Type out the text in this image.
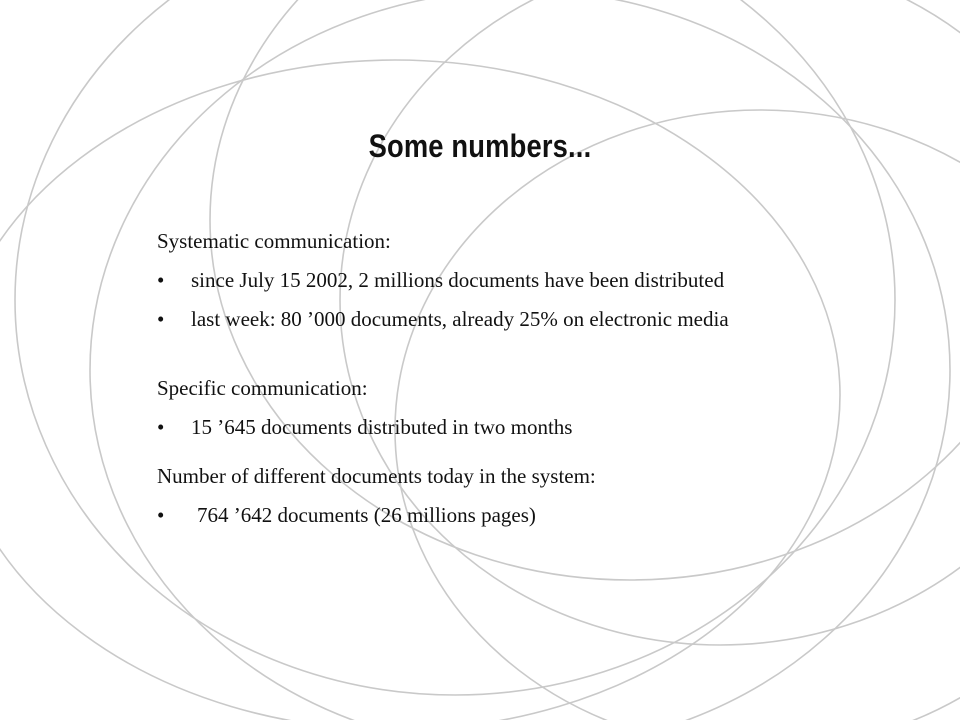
Some numbers...
Systematic communication:
• since July 15 2002, 2 millions documents have been distributed
• last week: 80 ’000 documents, already 25% on electronic media
Specific communication:
• 15 ’645 documents distributed in two months
Number of different documents today in the system:
• 764 ’642 documents (26 millions pages)
